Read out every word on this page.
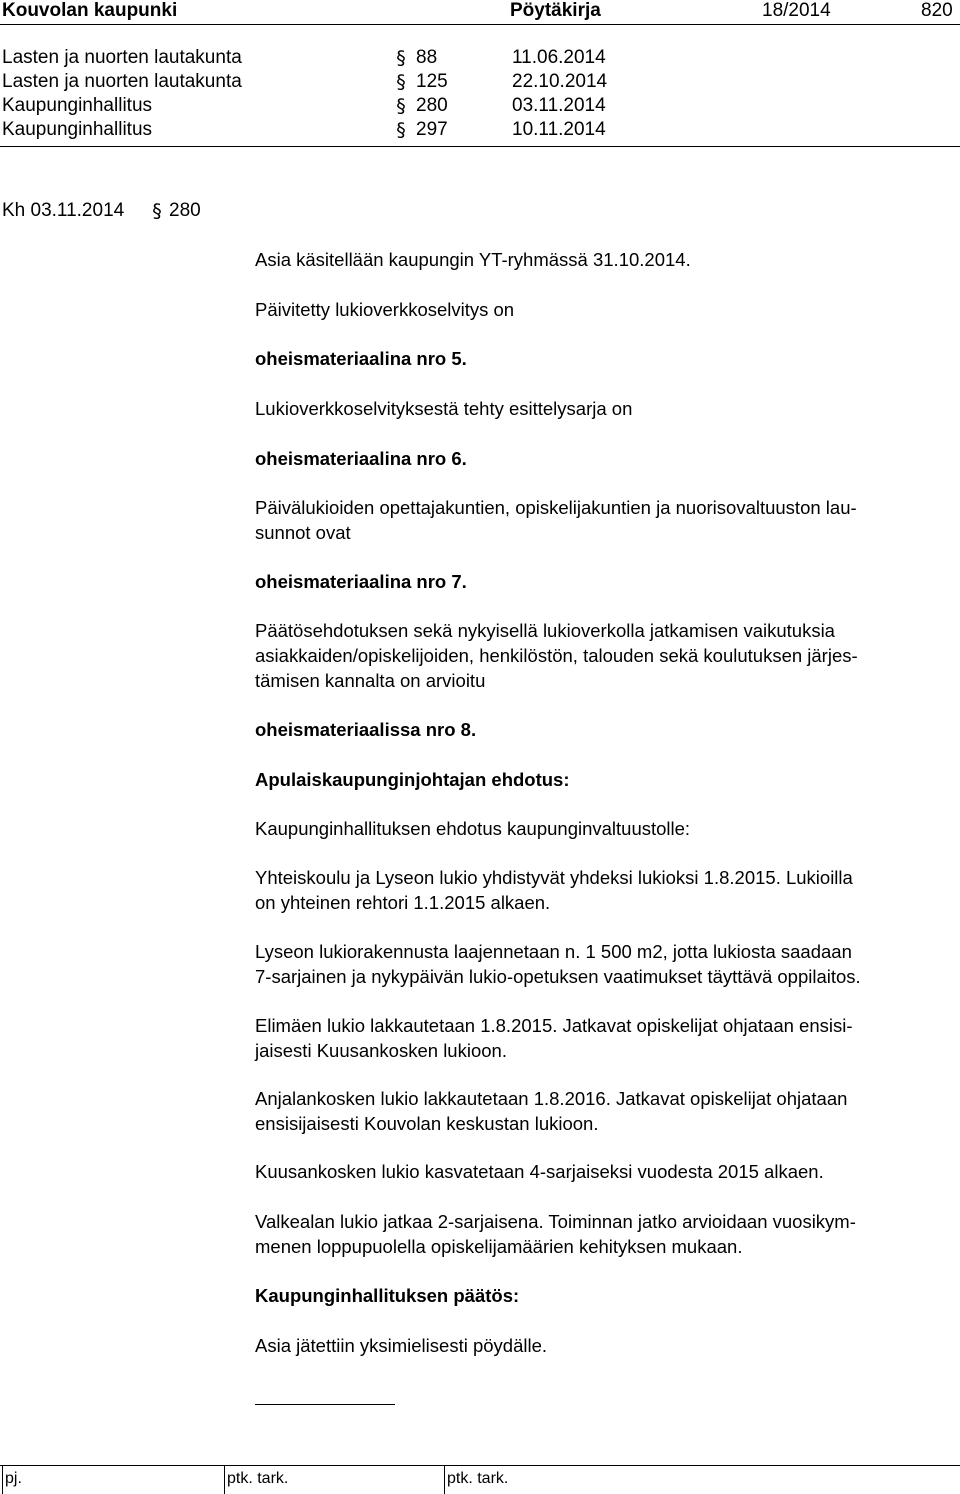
Kouvolan kaupunki	Pöytäkirja	18/2014	820
Lasten ja nuorten lautakunta	§ 88	11.06.2014
Lasten ja nuorten lautakunta	§ 125	22.10.2014
Kaupunginhallitus	§ 280	03.11.2014
Kaupunginhallitus	§ 297	10.11.2014
Kh 03.11.2014 § 280
Asia käsitellään kaupungin YT-ryhmässä 31.10.2014.
Päivitetty lukioverkkoselvitys on
oheismateriaalina nro 5.
Lukioverkkoselvityksestä tehty esittelysarja on
oheismateriaalina nro 6.
Päivälukioiden opettajakuntien, opiskelijakuntien ja nuorisovaltuuston lau-
sunnot ovat
oheismateriaalina nro 7.
Päätösehdotuksen sekä nykyisellä lukioverkolla jatkamisen vaikutuksia
asiakkaiden/opiskelijoiden, henkilöstön, talouden sekä koulutuksen järjes-
tämisen kannalta on arvioitu
oheismateriaalissa nro 8.
Apulaiskaupunginjohtajan ehdotus:
Kaupunginhallituksen ehdotus kaupunginvaltuustolle:
Yhteiskoulu ja Lyseon lukio yhdistyvät yhdeksi lukioksi 1.8.2015. Lukioilla
on yhteinen rehtori 1.1.2015 alkaen.
Lyseon lukiorakennusta laajennetaan n. 1 500 m2, jotta lukiosta saadaan
7-sarjainen ja nykypäivän lukio-opetuksen vaatimukset täyttävä oppilaitos.
Elimäen lukio lakkautetaan 1.8.2015. Jatkavat opiskelijat ohjataan ensisi-
jaisesti Kuusankosken lukioon.
Anjalankosken lukio lakkautetaan 1.8.2016. Jatkavat opiskelijat ohjataan
ensisijaisesti Kouvolan keskustan lukioon.
Kuusankosken lukio kasvatetaan 4-sarjaiseksi vuodesta 2015 alkaen.
Valkealan lukio jatkaa 2-sarjaisena. Toiminnan jatko arvioidaan vuosikym-
menen loppupuolella opiskelijamäärien kehityksen mukaan.
Kaupunginhallituksen päätös:
Asia jätettiin yksimielisesti pöydälle.
pj.	ptk. tark.	ptk. tark.
